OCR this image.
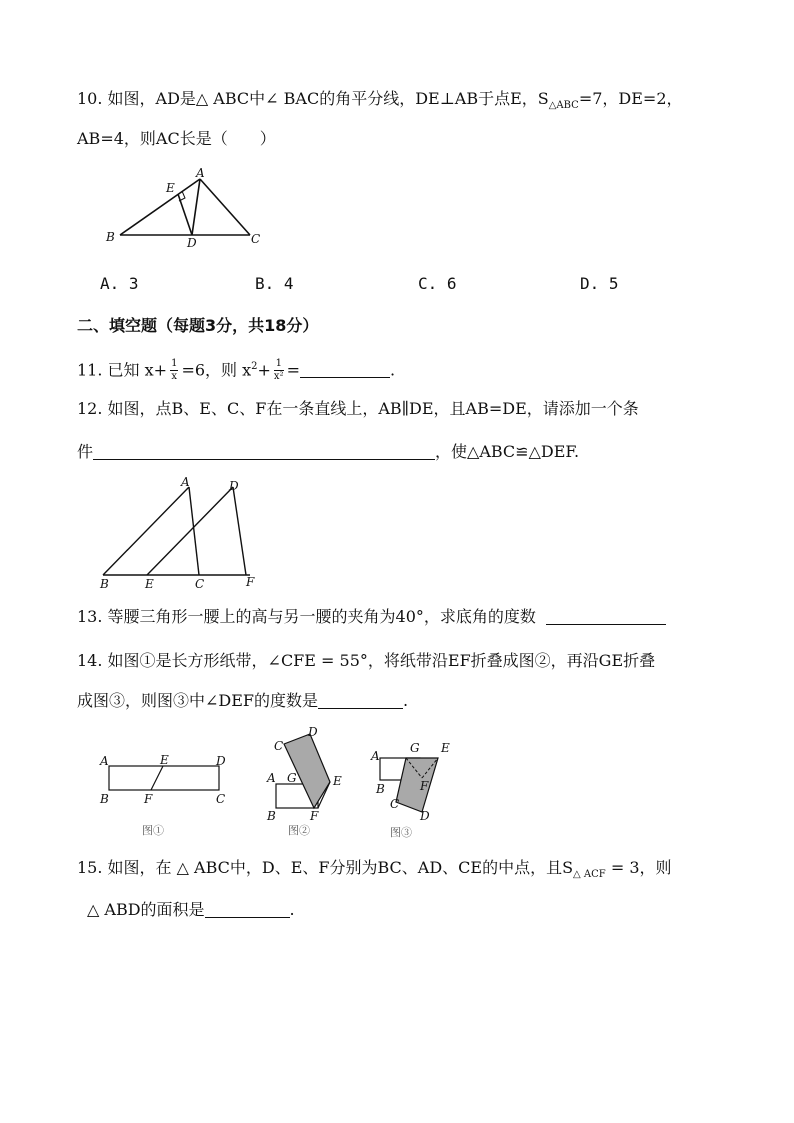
10. 如图，AD是△ ABC中∠ BAC的角平分线，DE⊥AB于点E，$S_{\triangle ABC}=7$，DE=2，
AB=4，则AC长是（　　）
E
A
B	D	C
A. 3	B. 4	C. 6	D. 5
二、填空题（每题3分，共18分）
11. 已知 $x+ \frac{1}{x} =6$，则 $x^2+ \frac{1}{\text{x²}}$ =	.
12. 如图，点B、E、C、F在一条直线上，AB∥DE，且AB=DE，请添加一个条
件	，使△ABC≌△DEF.
A	D
B	E	C	F
13. 等腰三角形一腰上的高与另一腰的夹角为40°，求底角的度数
14. 如图①是长方形纸带，∠CFE = 55°，将纸带沿EF折叠成图②，再沿GE折叠
成图③，则图③中∠DEF的度数是	.
A	E	D
B	F	C
图①
D
C
A G	E
B	F
图②
A
G E
B	F
C
D
图③
15. 如图，在 △ ABC中，D、E、F分别为BC、AD、CE的中点，且$S_{\triangle ACF} = 3$，则
△ ABD的面积是	.
